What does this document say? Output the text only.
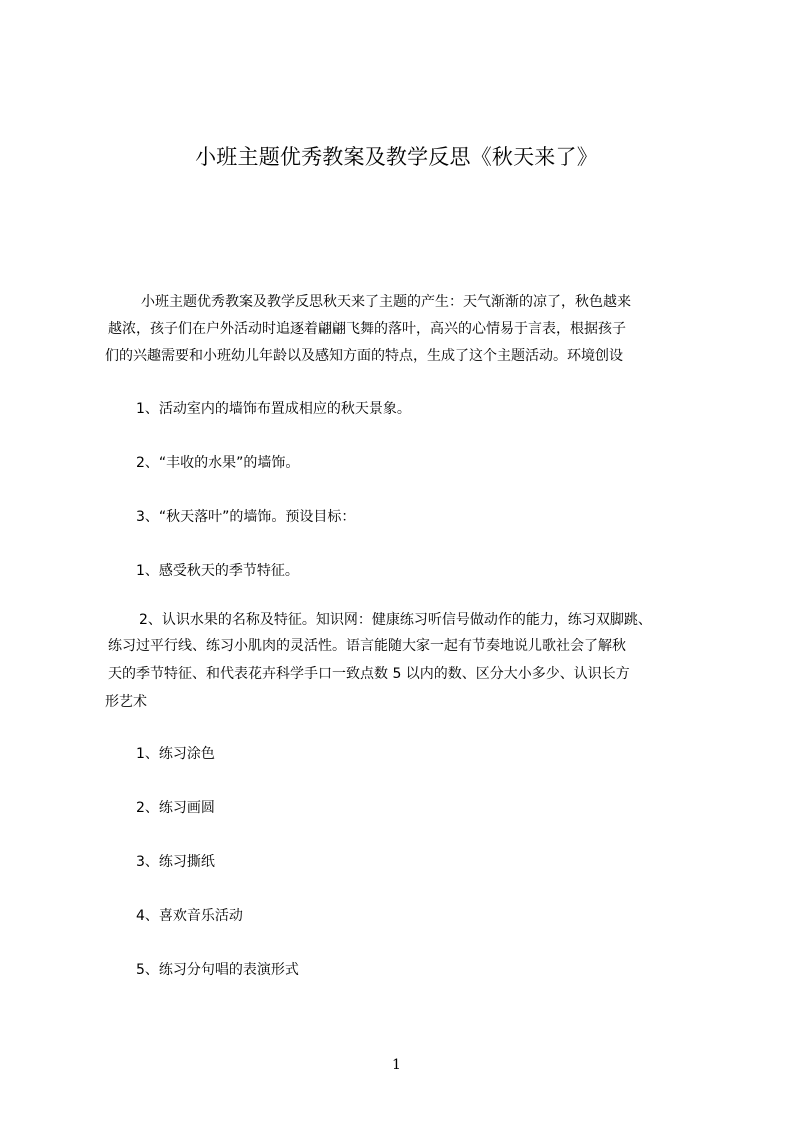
小班主题优秀教案及教学反思《秋天来了》
小班主题优秀教案及教学反思秋天来了主题的产生：天气渐渐的凉了，秋色越来
越浓，孩子们在户外活动时追逐着翩翩飞舞的落叶，高兴的心情易于言表，根据孩子
们的兴趣需要和小班幼儿年龄以及感知方面的特点，生成了这个主题活动。环境创设
1、活动室内的墙饰布置成相应的秋天景象。
2、“丰收的水果”的墙饰。
3、“秋天落叶”的墙饰。预设目标：
1、感受秋天的季节特征。
2、认识水果的名称及特征。知识网：健康练习听信号做动作的能力，练习双脚跳、
练习过平行线、练习小肌肉的灵活性。语言能随大家一起有节奏地说儿歌社会了解秋
天的季节特征、和代表花卉科学手口一致点数 5 以内的数、区分大小多少、认识长方
形艺术
1、练习涂色
2、练习画圆
3、练习撕纸
4、喜欢音乐活动
5、练习分句唱的表演形式
1
